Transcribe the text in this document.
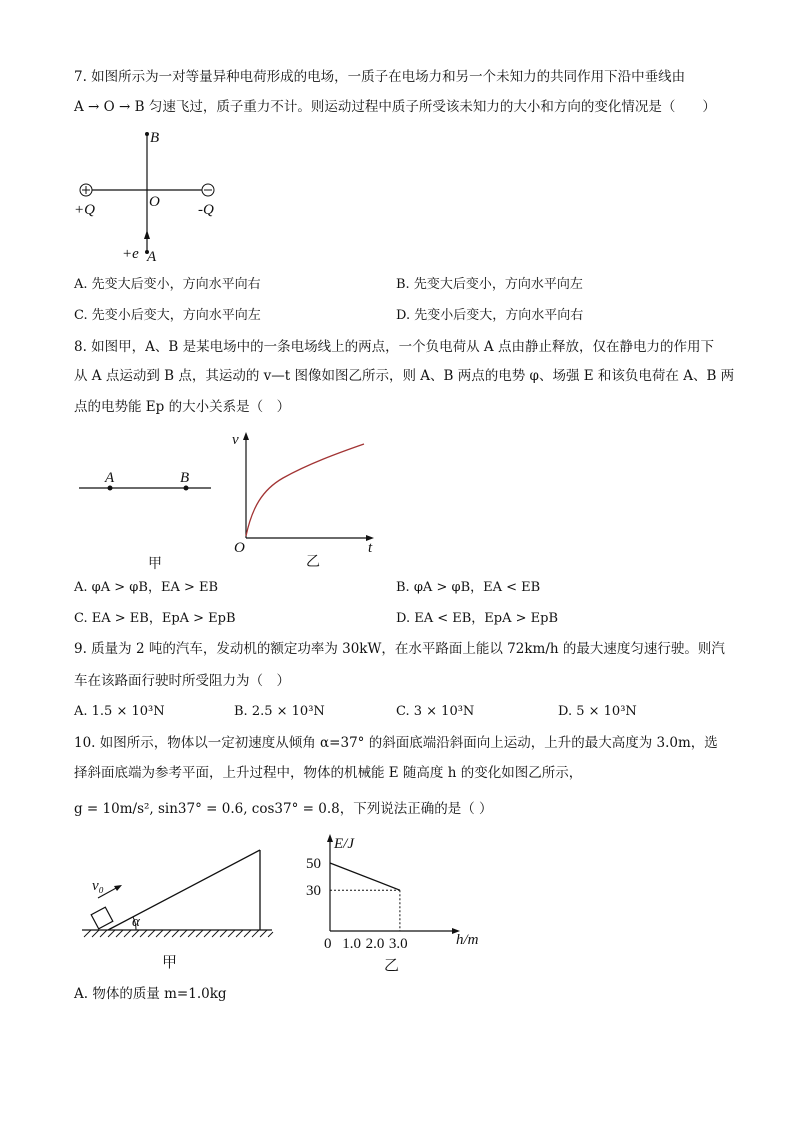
7. 如图所示为一对等量异种电荷形成的电场，一质子在电场力和另一个未知力的共同作用下沿中垂线由
A → O → B 匀速飞过，质子重力不计。则运动过程中质子所受该未知力的大小和方向的变化情况是（　　）
B
O
+Q	-Q
+e A
A. 先变大后变小，方向水平向右	B. 先变大后变小，方向水平向左
C. 先变小后变大，方向水平向左	D. 先变小后变大，方向水平向右
8. 如图甲，A、B 是某电场中的一条电场线上的两点，一个负电荷从 A 点由静止释放，仅在静电力的作用下
从 A 点运动到 B 点，其运动的 v—t 图像如图乙所示，则 A、B 两点的电势 φ、场强 E 和该负电荷在 A、B 两
点的电势能 Ep 的大小关系是（　）
A	B
甲
v
t
O
乙
A. φA > φB，EA > EB	B. φA > φB，EA < EB
C. EA > EB，EpA > EpB	D. EA < EB，EpA > EpB
9. 质量为 2 吨的汽车，发动机的额定功率为 30kW，在水平路面上能以 72km/h 的最大速度匀速行驶。则汽
车在该路面行驶时所受阻力为（　）
A. 1.5 × 10³N	B. 2.5 × 10³N	C. 3 × 10³N	D. 5 × 10³N
10. 如图所示，物体以一定初速度从倾角 α=37° 的斜面底端沿斜面向上运动，上升的最大高度为 3.0m，选
择斜面底端为参考平面，上升过程中，物体的机械能 E 随高度 h 的变化如图乙所示，
g = 10m/s², sin37° = 0.6, cos37° = 0.8，下列说法正确的是（ ）
v₀
α
甲
50
30
1.0 2.0 3.0
E/J
h/m
0
乙
A. 物体的质量 m=1.0kg
